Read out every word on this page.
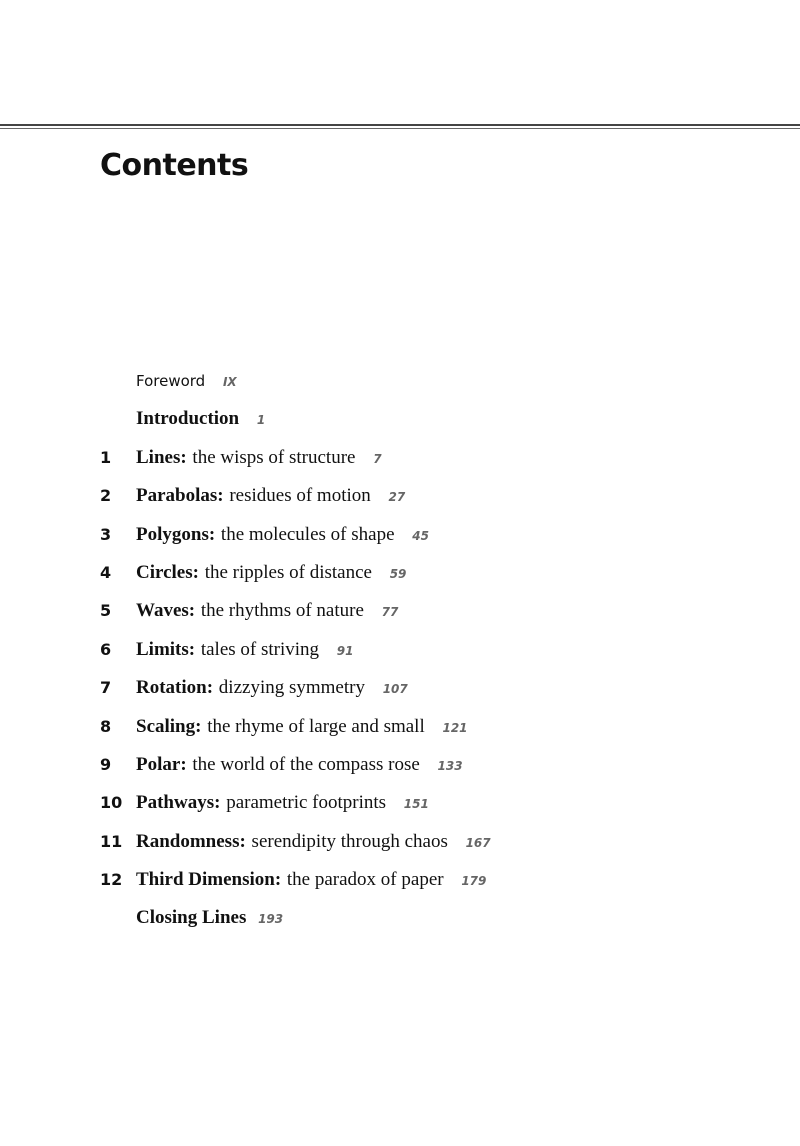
Contents
Foreword IX
Introduction 1
1	Lines: the wisps of structure 7
2	Parabolas: residues of motion 27
3	Polygons: the molecules of shape 45
4	Circles: the ripples of distance 59
5	Waves: the rhythms of nature 77
6	Limits: tales of striving 91
7	Rotation: dizzying symmetry 107
8	Scaling: the rhyme of large and small 121
9	Polar: the world of the compass rose 133
10 Pathways: parametric footprints 151
11 Randomness: serendipity through chaos 167
12 Third Dimension: the paradox of paper 179
Closing Lines 193
